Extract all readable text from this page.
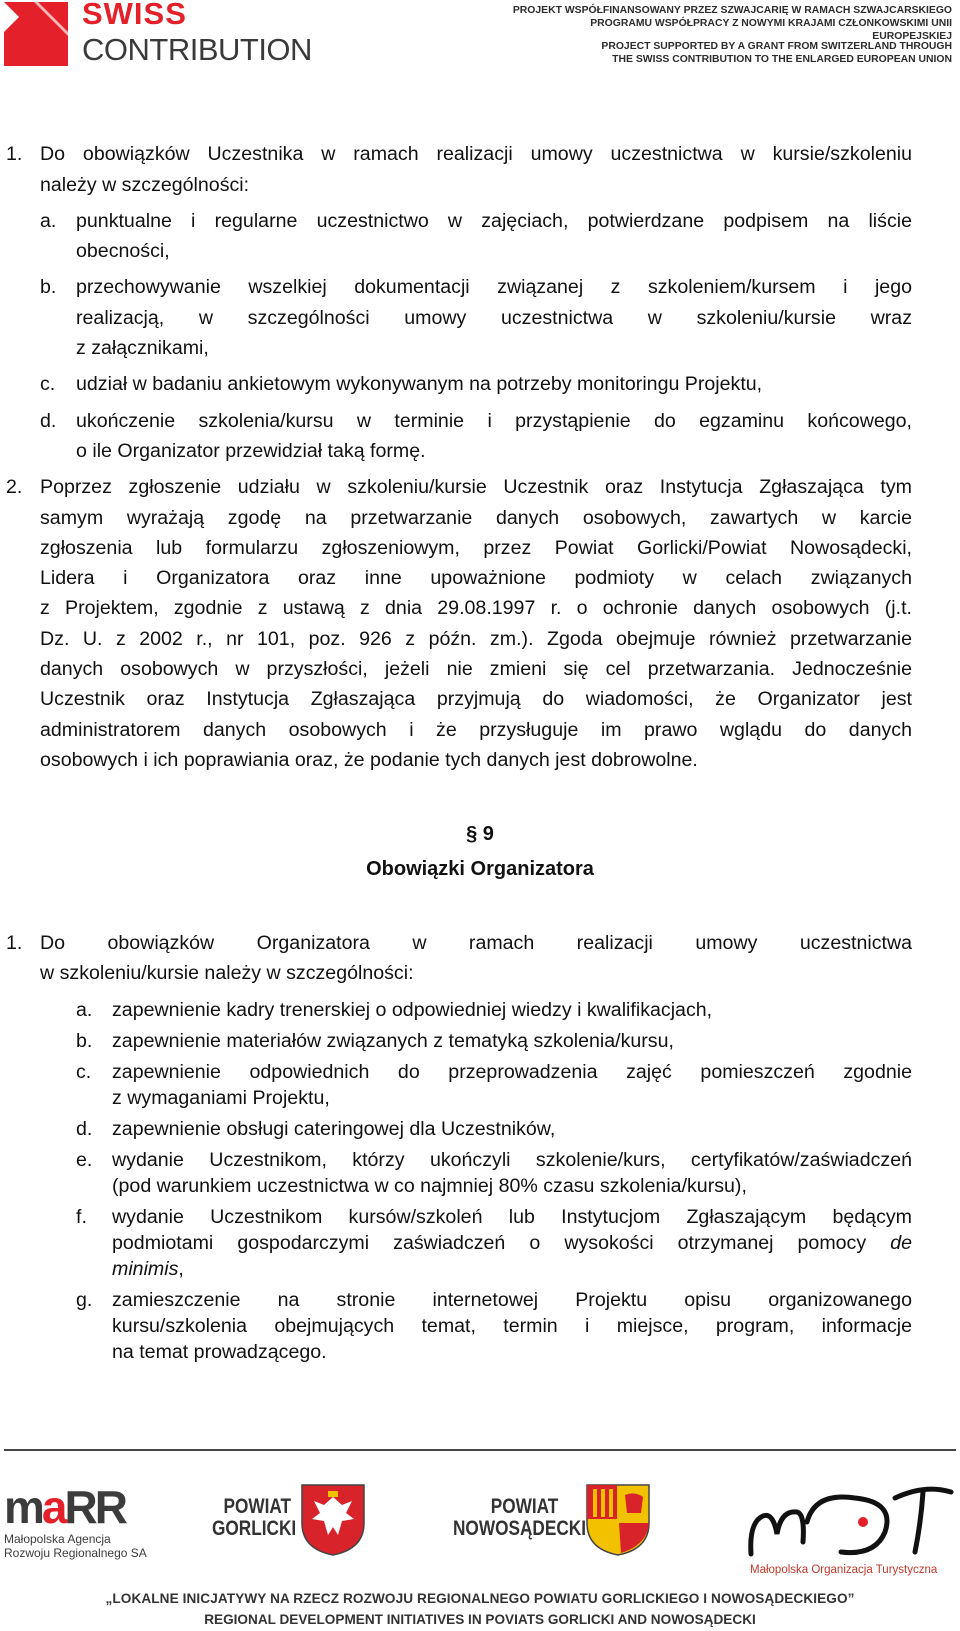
SWISS
CONTRIBUTION
PROJEKT WSPÓŁFINANSOWANY PRZEZ SZWAJCARIĘ W RAMACH SZWAJCARSKIEGO
PROGRAMU WSPÓŁPRACY Z NOWYMI KRAJAMI CZŁONKOWSKIMI UNII EUROPEJSKIEJ
PROJECT SUPPORTED BY A GRANT FROM SWITZERLAND THROUGH
THE SWISS CONTRIBUTION TO THE ENLARGED EUROPEAN UNION
1. Do obowiązków Uczestnika w ramach realizacji umowy uczestnictwa w kursie/szkoleniu
należy w szczególności:
a. punktualne i regularne uczestnictwo w zajęciach, potwierdzane podpisem na liście
obecności,
b. przechowywanie wszelkiej dokumentacji związanej z szkoleniem/kursem i jego
realizacją, w szczególności umowy uczestnictwa w szkoleniu/kursie wraz
z załącznikami,
c. udział w badaniu ankietowym wykonywanym na potrzeby monitoringu Projektu,
d. ukończenie szkolenia/kursu w terminie i przystąpienie do egzaminu końcowego,
o ile Organizator przewidział taką formę.
2. Poprzez zgłoszenie udziału w szkoleniu/kursie Uczestnik oraz Instytucja Zgłaszająca tym
samym wyrażają zgodę na przetwarzanie danych osobowych, zawartych w karcie
zgłoszenia lub formularzu zgłoszeniowym, przez Powiat Gorlicki/Powiat Nowosądecki,
Lidera i Organizatora oraz inne upoważnione podmioty w celach związanych
z Projektem, zgodnie z ustawą z dnia 29.08.1997 r. o ochronie danych osobowych (j.t.
Dz. U. z 2002 r., nr 101, poz. 926 z późn. zm.). Zgoda obejmuje również przetwarzanie
danych osobowych w przyszłości, jeżeli nie zmieni się cel przetwarzania. Jednocześnie
Uczestnik oraz Instytucja Zgłaszająca przyjmują do wiadomości, że Organizator jest
administratorem danych osobowych i że przysługuje im prawo wglądu do danych
osobowych i ich poprawiania oraz, że podanie tych danych jest dobrowolne.
§ 9
Obowiązki Organizatora
1. Do obowiązków Organizatora w ramach realizacji umowy uczestnictwa
w szkoleniu/kursie należy w szczególności:
a. zapewnienie kadry trenerskiej o odpowiedniej wiedzy i kwalifikacjach,
b. zapewnienie materiałów związanych z tematyką szkolenia/kursu,
c. zapewnienie odpowiednich do przeprowadzenia zajęć pomieszczeń zgodnie
z wymaganiami Projektu,
d. zapewnienie obsługi cateringowej dla Uczestników,
e. wydanie Uczestnikom, którzy ukończyli szkolenie/kurs, certyfikatów/zaświadczeń
(pod warunkiem uczestnictwa w co najmniej 80% czasu szkolenia/kursu),
f. wydanie Uczestnikom kursów/szkoleń lub Instytucjom Zgłaszającym będącym
podmiotami gospodarczymi zaświadczeń o wysokości otrzymanej pomocy de
minimis,
g. zamieszczenie na stronie internetowej Projektu opisu organizowanego
kursu/szkolenia obejmujących temat, termin i miejsce, program, informacje
na temat prowadzącego.
maRR
Małopolska Agencja
Rozwoju Regionalnego SA
POWIAT
GORLICKI
POWIAT
NOWOSĄDECKI
Małopolska Organizacja Turystyczna
„LOKALNE INICJATYWY NA RZECZ ROZWOJU REGIONALNEGO POWIATU GORLICKIEGO I NOWOSĄDECKIEGO”
REGIONAL DEVELOPMENT INITIATIVES IN POVIATS GORLICKI AND NOWOSĄDECKI
